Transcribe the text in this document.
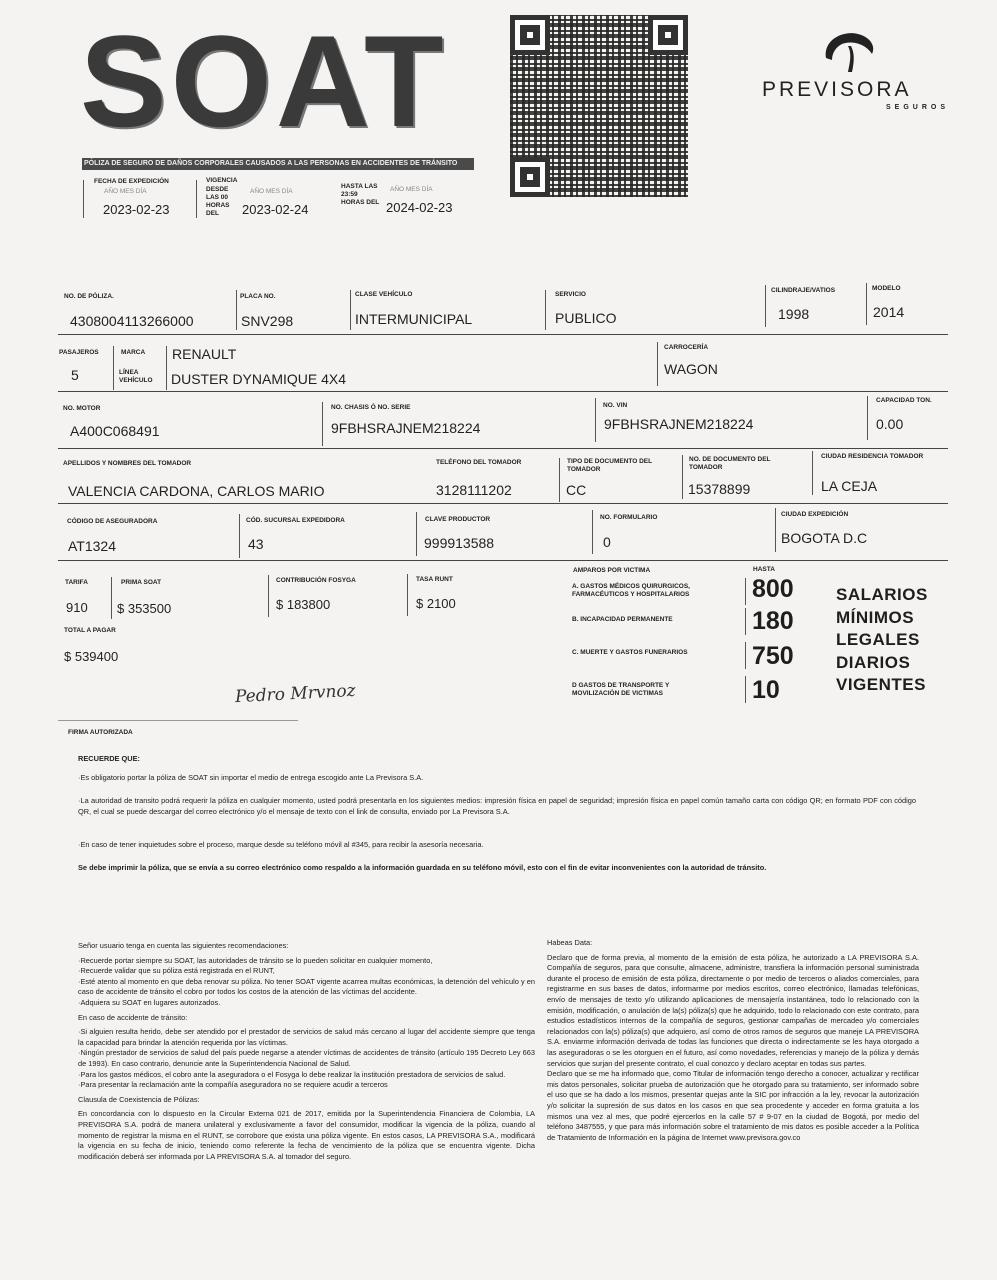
SOAT
PÓLIZA DE SEGURO DE DAÑOS CORPORALES CAUSADOS A LAS PERSONAS EN ACCIDENTES DE TRÁNSITO
PREVISORA
SEGUROS
FECHA DE EXPEDICIÓN
AÑO MES DÍA
2023-02-23
VIGENCIA
DESDE LAS 00 HORAS DEL
AÑO MES DÍA
2023-02-24
HASTA LAS 23:59 HORAS DEL
AÑO MES DÍA
2024-02-23
NO. DE PÓLIZA.
4308004113266000
PLACA NO.
SNV298
CLASE VEHÍCULO
INTERMUNICIPAL
SERVICIO
PUBLICO
CILINDRAJE/VATIOS
1998
MODELO
2014
PASAJEROS
5
MARCA RENAULT
LÍNEA VEHÍCULO	DUSTER DYNAMIQUE 4X4
CARROCERÍA
WAGON
NO. MOTOR
A400C068491
NO. CHASIS Ó NO. SERIE
9FBHSRAJNEM218224
NO. VIN
9FBHSRAJNEM218224
CAPACIDAD TON.
0.00
APELLIDOS Y NOMBRES DEL TOMADOR
VALENCIA CARDONA, CARLOS MARIO
TELÉFONO DEL TOMADOR
3128111202
TIPO DE DOCUMENTO DEL TOMADOR
CC
NO. DE DOCUMENTO DEL TOMADOR
15378899
CIUDAD RESIDENCIA TOMADOR
LA CEJA
CÓDIGO DE ASEGURADORA
AT1324
CÓD. SUCURSAL EXPEDIDORA
43
CLAVE PRODUCTOR
999913588
NO. FORMULARIO
0
CIUDAD EXPEDICIÓN
BOGOTA D.C
TARIFA
910
PRIMA SOAT
$ 353500
CONTRIBUCIÓN FOSYGA
$ 183800
TASA RUNT
$ 2100
TOTAL A PAGAR
$ 539400
Pedro Mrvnoz
FIRMA AUTORIZADA
AMPAROS POR VICTIMA	HASTA
A. GASTOS MÉDICOS QUIRURGICOS, FARMACÉUTICOS Y HOSPITALARIOS
B. INCAPACIDAD PERMANENTE
C. MUERTE Y GASTOS FUNERARIOS
D GASTOS DE TRANSPORTE Y MOVILIZACIÓN DE VICTIMAS
800
180
750
10
SALARIOS
MÍNIMOS
LEGALES
DIARIOS
VIGENTES
RECUERDE QUE:
·Es obligatorio portar la póliza de SOAT sin importar el medio de entrega escogido ante La Previsora S.A.
·La autoridad de transito podrá requerir la póliza en cualquier momento, usted podrá presentarla en los siguientes medios: impresión física en papel de seguridad; impresión física en papel común tamaño carta con código QR; en formato PDF con código QR, el cual se puede descargar del correo electrónico y/o el mensaje de texto con el link de consulta, enviado por La Previsora S.A.
·En caso de tener inquietudes sobre el proceso, marque desde su teléfono móvil al #345, para recibir la asesoría necesaria.
Se debe imprimir la póliza, que se envía a su correo electrónico como respaldo a la información guardada en su teléfono móvil, esto con el fin de evitar inconvenientes con la autoridad de tránsito.

Señor usuario tenga en cuenta las siguientes recomendaciones:

·Recuerde portar siempre su SOAT, las autoridades de tránsito se lo pueden solicitar en cualquier momento,
·Recuerde validar que su póliza está registrada en el RUNT,
·Esté atento al momento en que deba renovar su póliza. No tener SOAT vigente acarrea multas económicas, la detención del vehículo y en caso de accidente de tránsito el cobro por todos los costos de la atención de las víctimas del accidente.

·Adquiera su SOAT en lugares autorizados.

En caso de accidente de tránsito:

·Si alguien resulta herido, debe ser atendido por el prestador de servicios de salud más cercano al lugar del accidente siempre que tenga la capacidad para brindar la atención requerida por las víctimas.
·Ningún prestador de servicios de salud del país puede negarse a atender víctimas de accidentes de tránsito (artículo 195 Decreto Ley 663 de 1993). En caso contrario, denuncie ante la Superintendencia Nacional de Salud.
·Para los gastos médicos, el cobro ante la aseguradora o el Fosyga lo debe realizar la institución prestadora de servicios de salud.

·Para presentar la reclamación ante la compañía aseguradora no se requiere acudir a terceros

Clausula de Coexistencia de Pólizas:

En concordancia con lo dispuesto en la Circular Externa 021 de 2017, emitida por la Superintendencia Financiera de Colombia, LA PREVISORA S.A. podrá de manera unilateral y exclusivamente a favor del consumidor, modificar la vigencia de la póliza, cuando al momento de registrar la misma en el RUNT, se corrobore que exista una póliza vigente. En estos casos, LA PREVISORA S.A., modificará la vigencia en su fecha de inicio, teniendo como referente la fecha de vencimiento de la póliza que se encuentra vigente. Dicha modificación deberá ser informada por LA PREVISORA S.A. al tomador del seguro.

Habeas Data:

Declaro que de forma previa, al momento de la emisión de esta póliza, he autorizado a LA PREVISORA S.A. Compañía de seguros, para que consulte, almacene, administre, transfiera la información personal suministrada durante el proceso de emisión de esta póliza, directamente o por medio de terceros o aliados comerciales, para registrarme en sus bases de datos, informarme por medios escritos, correo electrónico, llamadas telefónicas, envío de mensajes de texto y/o utilizando aplicaciones de mensajería instantánea, todo lo relacionado con la emisión, modificación, o anulación de la(s) póliza(s) que he adquirido, todo lo relacionado con este contrato, para estudios estadísticos internos de la compañía de seguros, gestionar campañas de mercadeo y/o comerciales relacionados con la(s) póliza(s) que adquiero, así como de otros ramos de seguros que maneje LA PREVISORA S.A. enviarme información derivada de todas las funciones que directa o indirectamente se les haya otorgado a las aseguradoras o se les otorguen en el futuro, así como novedades, referencias y manejo de la póliza y demás servicios que surjan del presente contrato, el cual conozco y declaro aceptar en todas sus partes.
Declaro que se me ha informado que, como Titular de información tengo derecho a conocer, actualizar y rectificar mis datos personales, solicitar prueba de autorización que he otorgado para su tratamiento, ser informado sobre el uso que se ha dado a los mismos, presentar quejas ante la SIC por infracción a la ley, revocar la autorización y/o solicitar la supresión de sus datos en los casos en que sea procedente y acceder en forma gratuita a los mismos una vez al mes, que podré ejercerlos en la calle 57 # 9-07 en la ciudad de Bogotá, por medio del teléfono 3487555, y que para más información sobre el tratamiento de mis datos es posible acceder a la Política de Tratamiento de Información en la página de Internet www.previsora.gov.co
